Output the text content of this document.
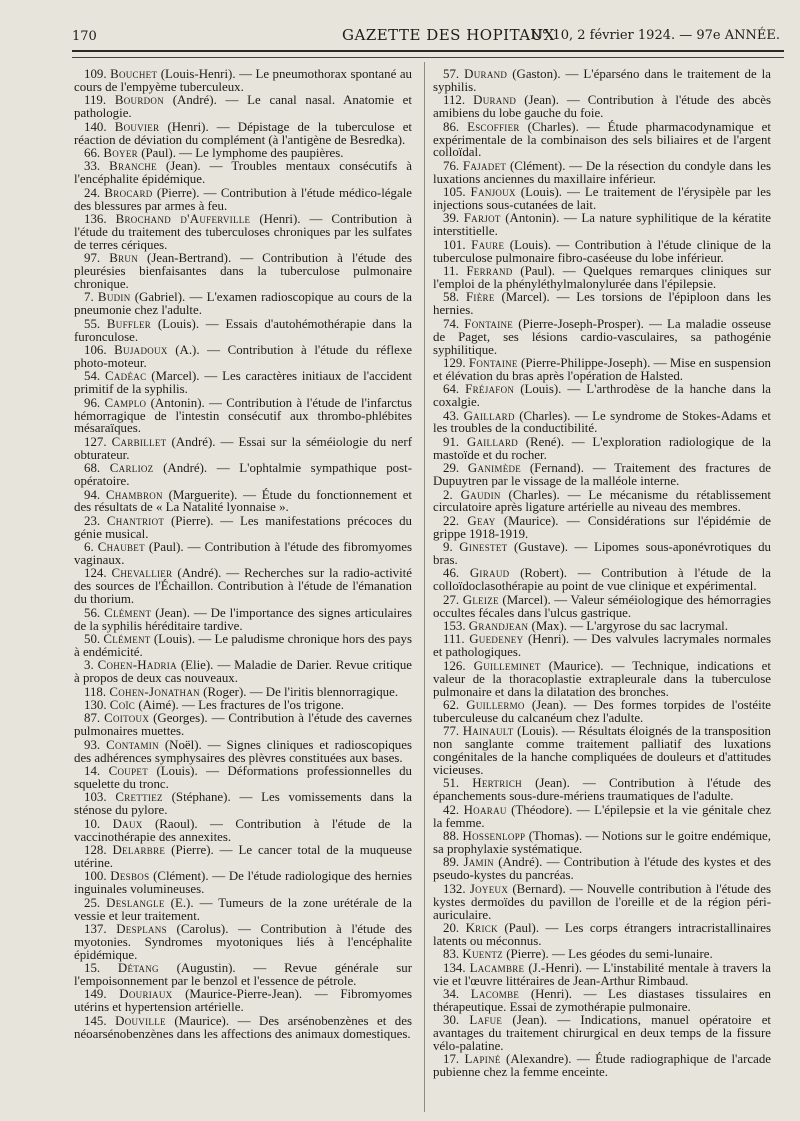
170	GAZETTE DES HOPITAUX
N° 10, 2 février 1924. — 97e ANNÉE.

109. Bouchet (Louis-Henri). — Le pneumothorax spontané au cours de l'empyème tuberculeux.

119. Bourdon (André). — Le canal nasal. Anatomie et pathologie.

140. Bouvier (Henri). — Dépistage de la tuberculose et réaction de déviation du complément (à l'antigène de Besredka).

66. Boyer (Paul). — Le lymphome des paupières.

33. Branche (Jean). — Troubles mentaux consécutifs à l'encéphalite épidémique.

24. Brocard (Pierre). — Contribution à l'étude médico-légale des blessures par armes à feu.

136. Brochand d'Auferville (Henri). — Contribution à l'étude du traitement des tuberculoses chroniques par les sulfates de terres cériques.

97. Brun (Jean-Bertrand). — Contribution à l'étude des pleurésies bienfaisantes dans la tuberculose pulmonaire chronique.

7. Budin (Gabriel). — L'examen radioscopique au cours de la pneumonie chez l'adulte.

55. Buffler (Louis). — Essais d'autohémothérapie dans la furonculose.

106. Bujadoux (A.). — Contribution à l'étude du réflexe photo-moteur.

54. Cadéac (Marcel). — Les caractères initiaux de l'accident primitif de la syphilis.

96. Camplo (Antonin). — Contribution à l'étude de l'infarctus hémorragique de l'intestin consécutif aux thrombo-phlébites mésaraïques.

127. Carbillet (André). — Essai sur la séméiologie du nerf obturateur.

68. Carlioz (André). — L'ophtalmie sympathique post-opératoire.

94. Chambron (Marguerite). — Étude du fonctionnement et des résultats de « La Natalité lyonnaise ».

23. Chantriot (Pierre). — Les manifestations précoces du génie musical.

6. Chaubet (Paul). — Contribution à l'étude des fibromyomes vaginaux.

124. Chevallier (André). — Recherches sur la radio-activité des sources de l'Échaillon. Contribution à l'étude de l'émanation du thorium.

56. Clément (Jean). — De l'importance des signes articulaires de la syphilis héréditaire tardive.

50. Clément (Louis). — Le paludisme chronique hors des pays à endémicité.

3. Cohen-Hadria (Elie). — Maladie de Darier. Revue critique à propos de deux cas nouveaux.

118. Cohen-Jonathan (Roger). — De l'iritis blennorragique.

130. Coïc (Aimé). — Les fractures de l'os trigone.

87. Coitoux (Georges). — Contribution à l'étude des cavernes pulmonaires muettes.

93. Contamin (Noël). — Signes cliniques et radioscopiques des adhérences symphysaires des plèvres constituées aux bases.

14. Coupet (Louis). — Déformations professionnelles du squelette du tronc.

103. Crettiez (Stéphane). — Les vomissements dans la sténose du pylore.

10. Daux (Raoul). — Contribution à l'étude de la vaccinothérapie des annexites.

128. Delarbre (Pierre). — Le cancer total de la muqueuse utérine.

100. Desbos (Clément). — De l'étude radiologique des hernies inguinales volumineuses.

25. Deslangle (E.). — Tumeurs de la zone urétérale de la vessie et leur traitement.

137. Desplans (Carolus). — Contribution à l'étude des myotonies. Syndromes myotoniques liés à l'encéphalite épidémique.

15. Détang (Augustin). — Revue générale sur l'empoisonnement par le benzol et l'essence de pétrole.

149. Douriaux (Maurice-Pierre-Jean). — Fibromyomes utérins et hypertension artérielle.

145. Douville (Maurice). — Des arsénobenzènes et des néoarsénobenzènes dans les affections des animaux domestiques.

57. Durand (Gaston). — L'éparséno dans le traitement de la syphilis.

112. Durand (Jean). — Contribution à l'étude des abcès amibiens du lobe gauche du foie.

86. Escoffier (Charles). — Étude pharmacodynamique et expérimentale de la combinaison des sels biliaires et de l'argent colloïdal.

76. Fajadet (Clément). — De la résection du condyle dans les luxations anciennes du maxillaire inférieur.

105. Fanjoux (Louis). — Le traitement de l'érysipèle par les injections sous-cutanées de lait.

39. Farjot (Antonin). — La nature syphilitique de la kératite interstitielle.

101. Faure (Louis). — Contribution à l'étude clinique de la tuberculose pulmonaire fibro-caséeuse du lobe inférieur.

11. Ferrand (Paul). — Quelques remarques cliniques sur l'emploi de la phényléthylmalonylurée dans l'épilepsie.

58. Fière (Marcel). — Les torsions de l'épiploon dans les hernies.

74. Fontaine (Pierre-Joseph-Prosper). — La maladie osseuse de Paget, ses lésions cardio-vasculaires, sa pathogénie syphilitique.

129. Fontaine (Pierre-Philippe-Joseph). — Mise en suspension et élévation du bras après l'opération de Halsted.

64. Fréjafon (Louis). — L'arthrodèse de la hanche dans la coxalgie.

43. Gaillard (Charles). — Le syndrome de Stokes-Adams et les troubles de la conductibilité.

91. Gaillard (René). — L'exploration radiologique de la mastoïde et du rocher.

29. Ganimède (Fernand). — Traitement des fractures de Dupuytren par le vissage de la malléole interne.

2. Gaudin (Charles). — Le mécanisme du rétablissement circulatoire après ligature artérielle au niveau des membres.

22. Geay (Maurice). — Considérations sur l'épidémie de grippe 1918-1919.

9. Ginestet (Gustave). — Lipomes sous-aponévrotiques du bras.

46. Giraud (Robert). — Contribution à l'étude de la colloïdoclasothérapie au point de vue clinique et expérimental.

27. Gleize (Marcel). — Valeur séméiologique des hémorragies occultes fécales dans l'ulcus gastrique.

153. Grandjean (Max). — L'argyrose du sac lacrymal.

111. Guedeney (Henri). — Des valvules lacrymales normales et pathologiques.

126. Guilleminet (Maurice). — Technique, indications et valeur de la thoracoplastie extrapleurale dans la tuberculose pulmonaire et dans la dilatation des bronches.

62. Guillermo (Jean). — Des formes torpides de l'ostéite tuberculeuse du calcanéum chez l'adulte.

77. Hainault (Louis). — Résultats éloignés de la transposition non sanglante comme traitement palliatif des luxations congénitales de la hanche compliquées de douleurs et d'attitudes vicieuses.

51. Hertrich (Jean). — Contribution à l'étude des épanchements sous-dure-mériens traumatiques de l'adulte.

42. Hoarau (Théodore). — L'épilepsie et la vie génitale chez la femme.

88. Hossenlopp (Thomas). — Notions sur le goitre endémique, sa prophylaxie systématique.

89. Jamin (André). — Contribution à l'étude des kystes et des pseudo-kystes du pancréas.

132. Joyeux (Bernard). — Nouvelle contribution à l'étude des kystes dermoïdes du pavillon de l'oreille et de la région péri-auriculaire.

20. Krick (Paul). — Les corps étrangers intracristallinaires latents ou méconnus.

83. Kuentz (Pierre). — Les géodes du semi-lunaire.

134. Lacambre (J.-Henri). — L'instabilité mentale à travers la vie et l'œuvre littéraires de Jean-Arthur Rimbaud.

34. Lacombe (Henri). — Les diastases tissulaires en thérapeutique. Essai de zymothérapie pulmonaire.

30. Lafue (Jean). — Indications, manuel opératoire et avantages du traitement chirurgical en deux temps de la fissure vélo-palatine.

17. Lapiné (Alexandre). — Étude radiographique de l'arcade pubienne chez la femme enceinte.
